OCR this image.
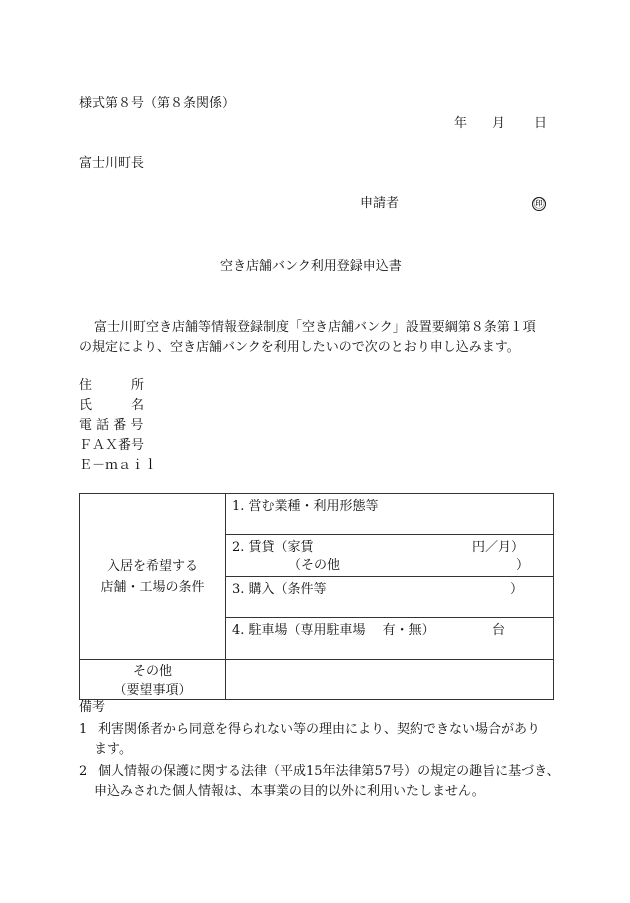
様式第８号（第８条関係）
年 月 日
富士川町長
申請者	㊞
空き店舗バンク利用登録申込書
富士川町空き店舗等情報登録制度「空き店舗バンク」設置要綱第８条第１項
の規定により、空き店舗バンクを利用したいので次のとおり申し込みます。
住　　　所
氏　　　名
電 話 番 号
ＦＡＸ番号
Ｅ－ｍａｉｌ
入居を希望する
店舗・工場の条件	1. 営む業種・利用形態等

	2. 賃貸（家賃 円／月）
（その他 ）

	3. 購入（条件等 ）

	4. 駐車場（専用駐車場　 有・無） 台

その他
（要望事項）	

備考
1 利害関係者から同意を得られない等の理由により、契約できない場合があり
ます。
2 個人情報の保護に関する法律（平成15年法律第57号）の規定の趣旨に基づき、
申込みされた個人情報は、本事業の目的以外に利用いたしません。
